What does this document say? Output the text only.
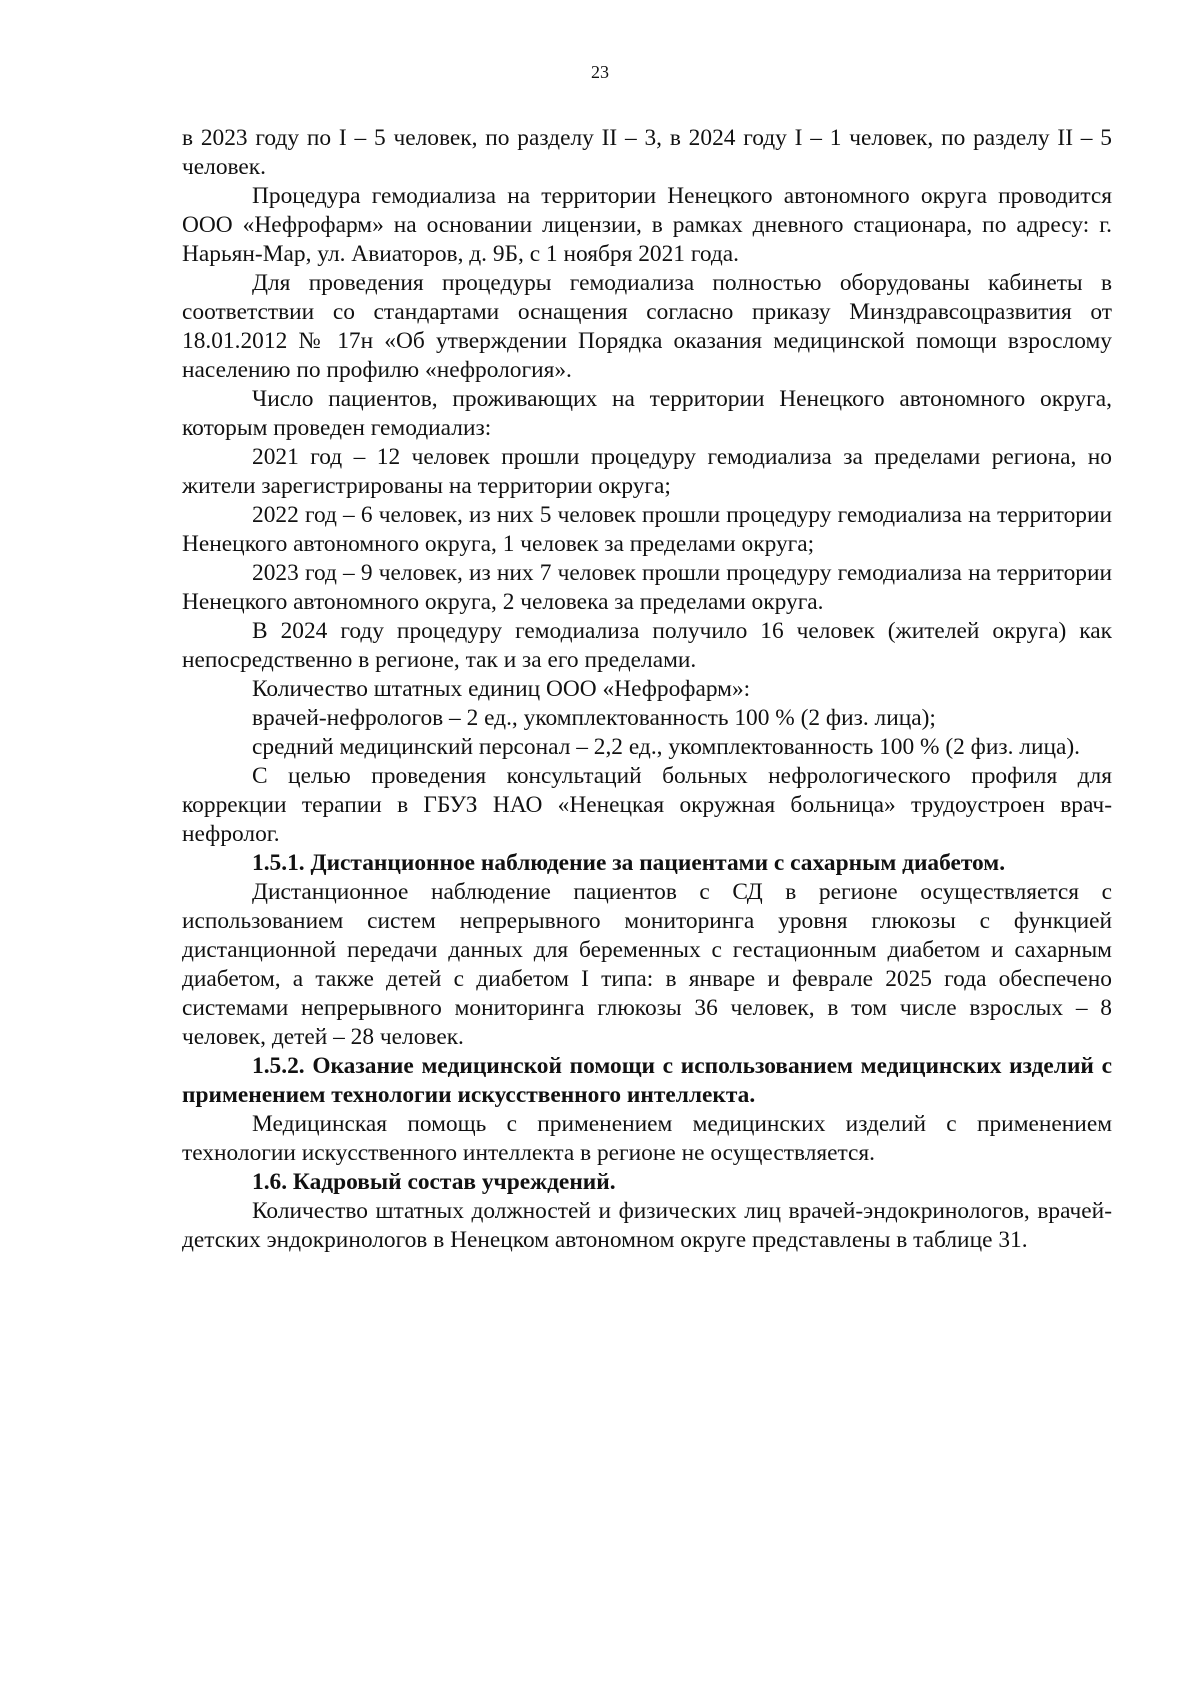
23

в 2023 году по I – 5 человек, по разделу II – 3, в 2024 году I – 1 человек, по разделу II – 5 человек.

Процедура гемодиализа на территории Ненецкого автономного округа проводится ООО «Нефрофарм» на основании лицензии, в рамках дневного стационара, по адресу: г. Нарьян-Мар, ул. Авиаторов, д. 9Б, с 1 ноября 2021 года.

Для проведения процедуры гемодиализа полностью оборудованы кабинеты в соответствии со стандартами оснащения согласно приказу Минздравсоцразвития от 18.01.2012 № 17н «Об утверждении Порядка оказания медицинской помощи взрослому населению по профилю «нефрология».

Число пациентов, проживающих на территории Ненецкого автономного округа, которым проведен гемодиализ:

2021 год – 12 человек прошли процедуру гемодиализа за пределами региона, но жители зарегистрированы на территории округа;

2022 год – 6 человек, из них 5 человек прошли процедуру гемодиализа на территории Ненецкого автономного округа, 1 человек за пределами округа;

2023 год – 9 человек, из них 7 человек прошли процедуру гемодиализа на территории Ненецкого автономного округа, 2 человека за пределами округа.

В 2024 году процедуру гемодиализа получило 16 человек (жителей округа) как непосредственно в регионе, так и за его пределами.

Количество штатных единиц ООО «Нефрофарм»:

врачей-нефрологов – 2 ед., укомплектованность 100 % (2 физ. лица);

средний медицинский персонал – 2,2 ед., укомплектованность 100 % (2 физ. лица).

С целью проведения консультаций больных нефрологического профиля для коррекции терапии в ГБУЗ НАО «Ненецкая окружная больница» трудоустроен врач-нефролог.

1.5.1. Дистанционное наблюдение за пациентами с сахарным диабетом.

Дистанционное наблюдение пациентов с СД в регионе осуществляется с использованием систем непрерывного мониторинга уровня глюкозы с функцией дистанционной передачи данных для беременных с гестационным диабетом и сахарным диабетом, а также детей с диабетом I типа: в январе и феврале 2025 года обеспечено системами непрерывного мониторинга глюкозы 36 человек, в том числе взрослых – 8 человек, детей – 28 человек.

1.5.2. Оказание медицинской помощи с использованием медицинских изделий с применением технологии искусственного интеллекта.

Медицинская помощь с применением медицинских изделий с применением технологии искусственного интеллекта в регионе не осуществляется.

1.6. Кадровый состав учреждений.

Количество штатных должностей и физических лиц врачей-эндокринологов, врачей-детских эндокринологов в Ненецком автономном округе представлены в таблице 31.
